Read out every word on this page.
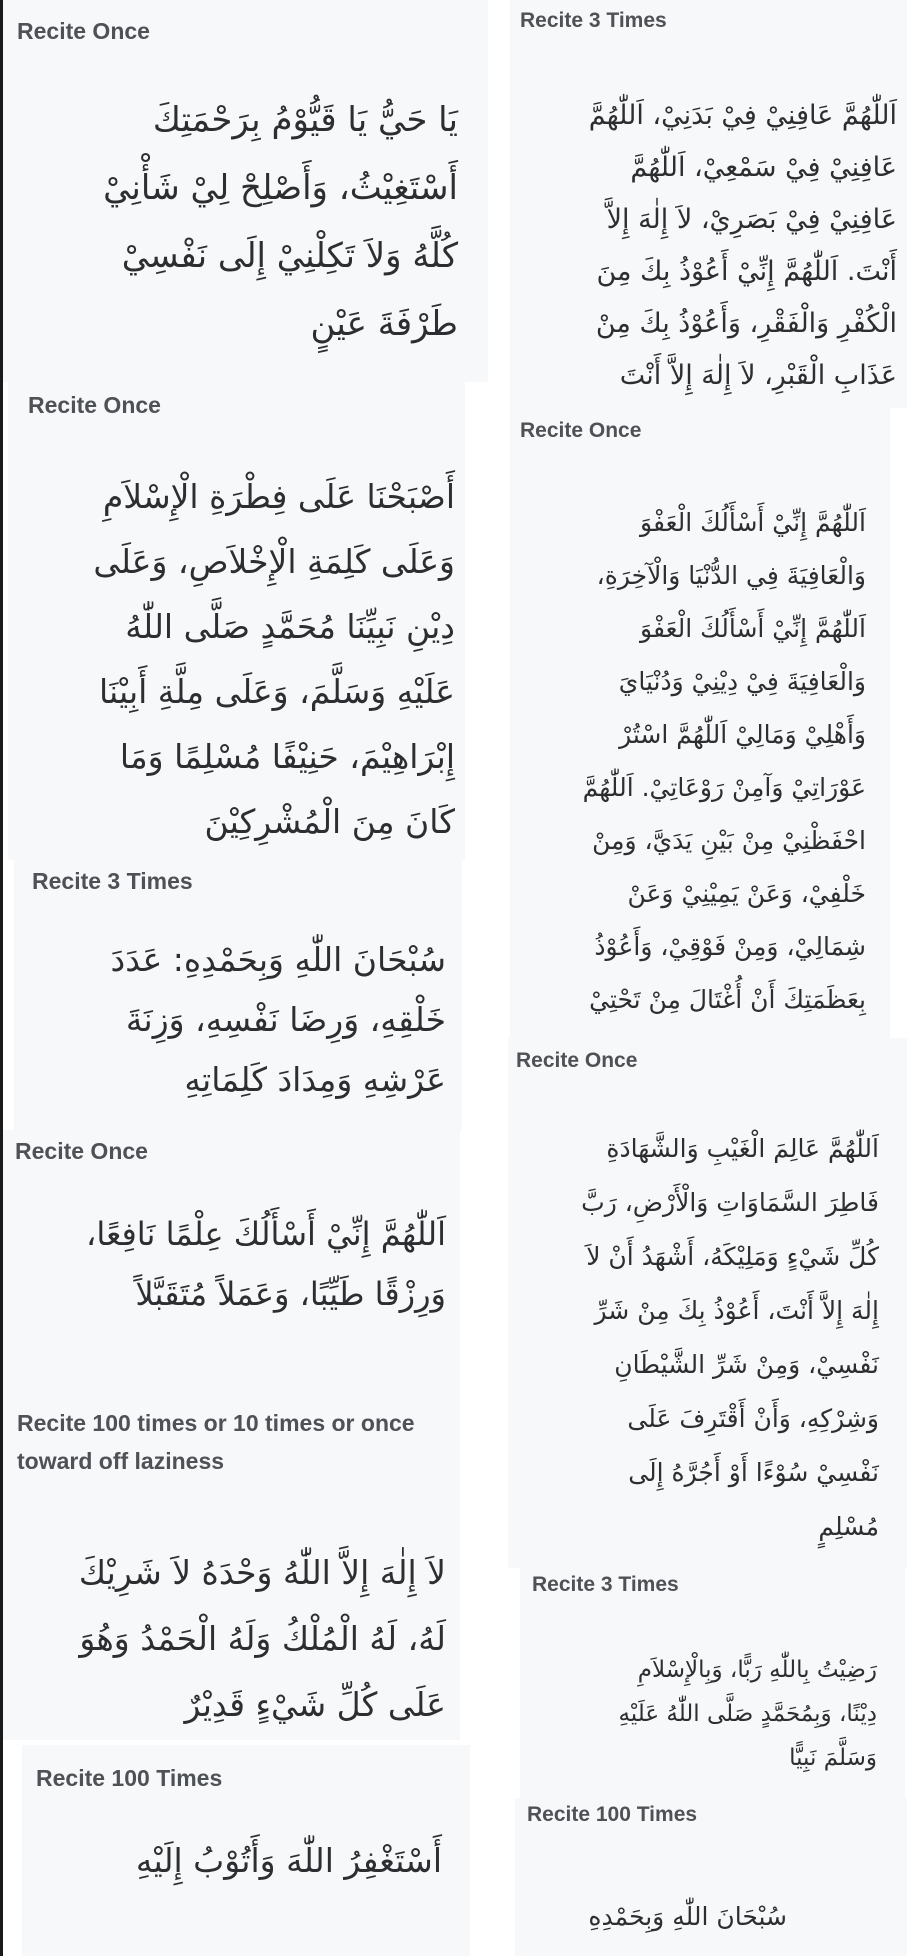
Recite Once
يَا حَيُّ يَا قَيُّوْمُ بِرَحْمَتِكَ
أَسْتَغِيْثُ، وَأَصْلِحْ لِيْ شَأْنِيْ
كُلَّهُ وَلاَ تَكِلْنِيْ إِلَى نَفْسِيْ
طَرْفَةَ عَيْنٍ
Recite Once
أَصْبَحْنَا عَلَى فِطْرَةِ الْإِسْلاَمِ
وَعَلَى كَلِمَةِ الْإِخْلاَصِ، وَعَلَى
دِيْنِ نَبِيِّنَا مُحَمَّدٍ صَلَّى اللّٰهُ
عَلَيْهِ وَسَلَّمَ، وَعَلَى مِلَّةِ أَبِيْنَا
إِبْرَاهِيْمَ، حَنِيْفًا مُسْلِمًا وَمَا
كَانَ مِنَ الْمُشْرِكِيْنَ
Recite 3 Times
سُبْحَانَ اللّٰهِ وَبِحَمْدِهِ: عَدَدَ
خَلْقِهِ، وَرِضَا نَفْسِهِ، وَزِنَةَ
عَرْشِهِ وَمِدَادَ كَلِمَاتِهِ
Recite Once
اَللّٰهُمَّ إِنِّيْ أَسْأَلُكَ عِلْمًا نَافِعًا،
وَرِزْقًا طَيِّبًا، وَعَمَلاً مُتَقَبَّلاً
Recite 100 times or 10 times or once toward off laziness
لاَ إِلٰهَ إِلاَّ اللّٰهُ وَحْدَهُ لاَ شَرِيْكَ
لَهُ، لَهُ الْمُلْكُ وَلَهُ الْحَمْدُ وَهُوَ
عَلَى كُلِّ شَيْءٍ قَدِيْرٌ
Recite 100 Times
أَسْتَغْفِرُ اللّٰهَ وَأَتُوْبُ إِلَيْهِ
Recite 3 Times
اَللّٰهُمَّ عَافِنِيْ فِيْ بَدَنِيْ، اَللّٰهُمَّ
عَافِنِيْ فِيْ سَمْعِيْ، اَللّٰهُمَّ
عَافِنِيْ فِيْ بَصَرِيْ، لاَ إِلٰهَ إِلاَّ
أَنْتَ. اَللّٰهُمَّ إِنِّيْ أَعُوْذُ بِكَ مِنَ
الْكُفْرِ وَالْفَقْرِ، وَأَعُوْذُ بِكَ مِنْ
عَذَابِ الْقَبْرِ، لاَ إِلٰهَ إِلاَّ أَنْتَ
Recite Once
اَللّٰهُمَّ إِنِّيْ أَسْأَلُكَ الْعَفْوَ
وَالْعَافِيَةَ فِي الدُّنْيَا وَالْآخِرَةِ،
اَللّٰهُمَّ إِنِّيْ أَسْأَلُكَ الْعَفْوَ
وَالْعَافِيَةَ فِيْ دِيْنِيْ وَدُنْيَايَ
وَأَهْلِيْ وَمَالِيْ اَللّٰهُمَّ اسْتُرْ
عَوْرَاتِيْ وَآمِنْ رَوْعَاتِيْ. اَللّٰهُمَّ
احْفَظْنِيْ مِنْ بَيْنِ يَدَيَّ، وَمِنْ
خَلْفِيْ، وَعَنْ يَمِيْنِيْ وَعَنْ
شِمَالِيْ، وَمِنْ فَوْقِيْ، وَأَعُوْذُ
بِعَظَمَتِكَ أَنْ أُغْتَالَ مِنْ تَحْتِيْ
Recite Once
اَللّٰهُمَّ عَالِمَ الْغَيْبِ وَالشَّهَادَةِ
فَاطِرَ السَّمَاوَاتِ وَالْأَرْضِ، رَبَّ
كُلِّ شَيْءٍ وَمَلِيْكَهُ، أَشْهَدُ أَنْ لاَ
إِلٰهَ إِلاَّ أَنْتَ، أَعُوْذُ بِكَ مِنْ شَرِّ
نَفْسِيْ، وَمِنْ شَرِّ الشَّيْطَانِ
وَشِرْكِهِ، وَأَنْ أَقْتَرِفَ عَلَى
نَفْسِيْ سُوْءًا أَوْ أَجُرَّهُ إِلَى
مُسْلِمٍ
Recite 3 Times
رَضِيْتُ بِاللّٰهِ رَبًّا، وَبِالْإِسْلاَمِ
دِيْنًا، وَبِمُحَمَّدٍ صَلَّى اللّٰهُ عَلَيْهِ
وَسَلَّمَ نَبِيًّا
Recite 100 Times
سُبْحَانَ اللّٰهِ وَبِحَمْدِهِ
